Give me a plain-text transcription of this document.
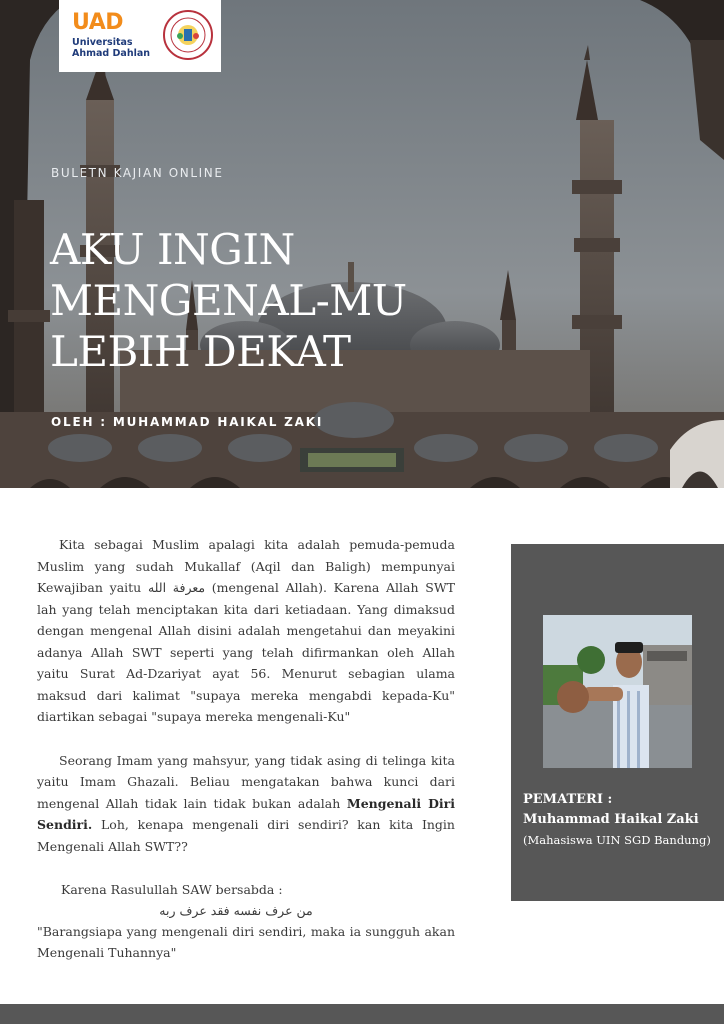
UAD
Universitas
Ahmad Dahlan
BULETN KAJIAN ONLINE
AKU INGIN
MENGENAL-MU
LEBIH DEKAT
OLEH : MUHAMMAD HAIKAL ZAKI

Kita sebagai Muslim apalagi kita adalah pemuda-pemuda Muslim yang sudah Mukallaf (Aqil dan Baligh) mempunyai Kewajiban yaitu معرفة الله (mengenal Allah). Karena Allah SWT lah yang telah menciptakan kita dari ketiadaan. Yang dimaksud dengan mengenal Allah disini adalah mengetahui dan meyakini adanya Allah SWT seperti yang telah difirmankan oleh Allah yaitu Surat Ad-Dzariyat ayat 56. Menurut sebagian ulama maksud dari kalimat "supaya mereka mengabdi kepada-Ku" diartikan sebagai "supaya mereka mengenali-Ku"

Seorang Imam yang mahsyur, yang tidak asing di telinga kita yaitu Imam Ghazali. Beliau mengatakan bahwa kunci dari mengenal Allah tidak lain tidak bukan adalah Mengenali Diri Sendiri. Loh, kenapa mengenali diri sendiri? kan kita Ingin Mengenali Allah SWT??

Karena Rasulullah SAW bersabda :

من عرف نفسه فقد عرف ربه

"Barangsiapa yang mengenali diri sendiri, maka ia sungguh akan Mengenali Tuhannya"

PEMATERI :
Muhammad Haikal Zaki
(Mahasiswa UIN SGD Bandung)
